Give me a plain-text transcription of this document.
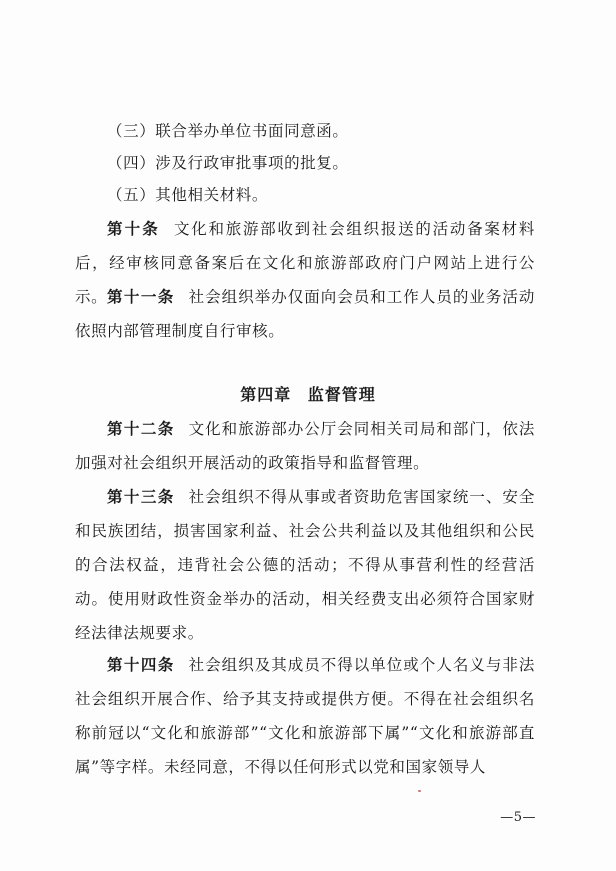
（三）联合举办单位书面同意函。

（四）涉及行政审批事项的批复。

（五）其他相关材料。

第十条 文化和旅游部收到社会组织报送的活动备案材料后，经审核同意备案后在文化和旅游部政府门户网站上进行公示。 第十一条 社会组织举办仅面向会员和工作人员的业务活动依照内部管理制度自行审核。

第四章 监督管理

第十二条 文化和旅游部办公厅会同相关司局和部门，依法加强对社会组织开展活动的政策指导和监督管理。

第十三条 社会组织不得从事或者资助危害国家统一、安全和民族团结，损害国家利益、社会公共利益以及其他组织和公民的合法权益，违背社会公德的活动；不得从事营利性的经营活动。使用财政性资金举办的活动，相关经费支出必须符合国家财经法律法规要求。

第十四条 社会组织及其成员不得以单位或个人名义与非法社会组织开展合作、给予其支持或提供方便。不得在社会组织名称前冠以“文化和旅游部”“文化和旅游部下属”“文化和旅游部直属”等字样。未经同意，不得以任何形式以党和国家领导人

—5—
